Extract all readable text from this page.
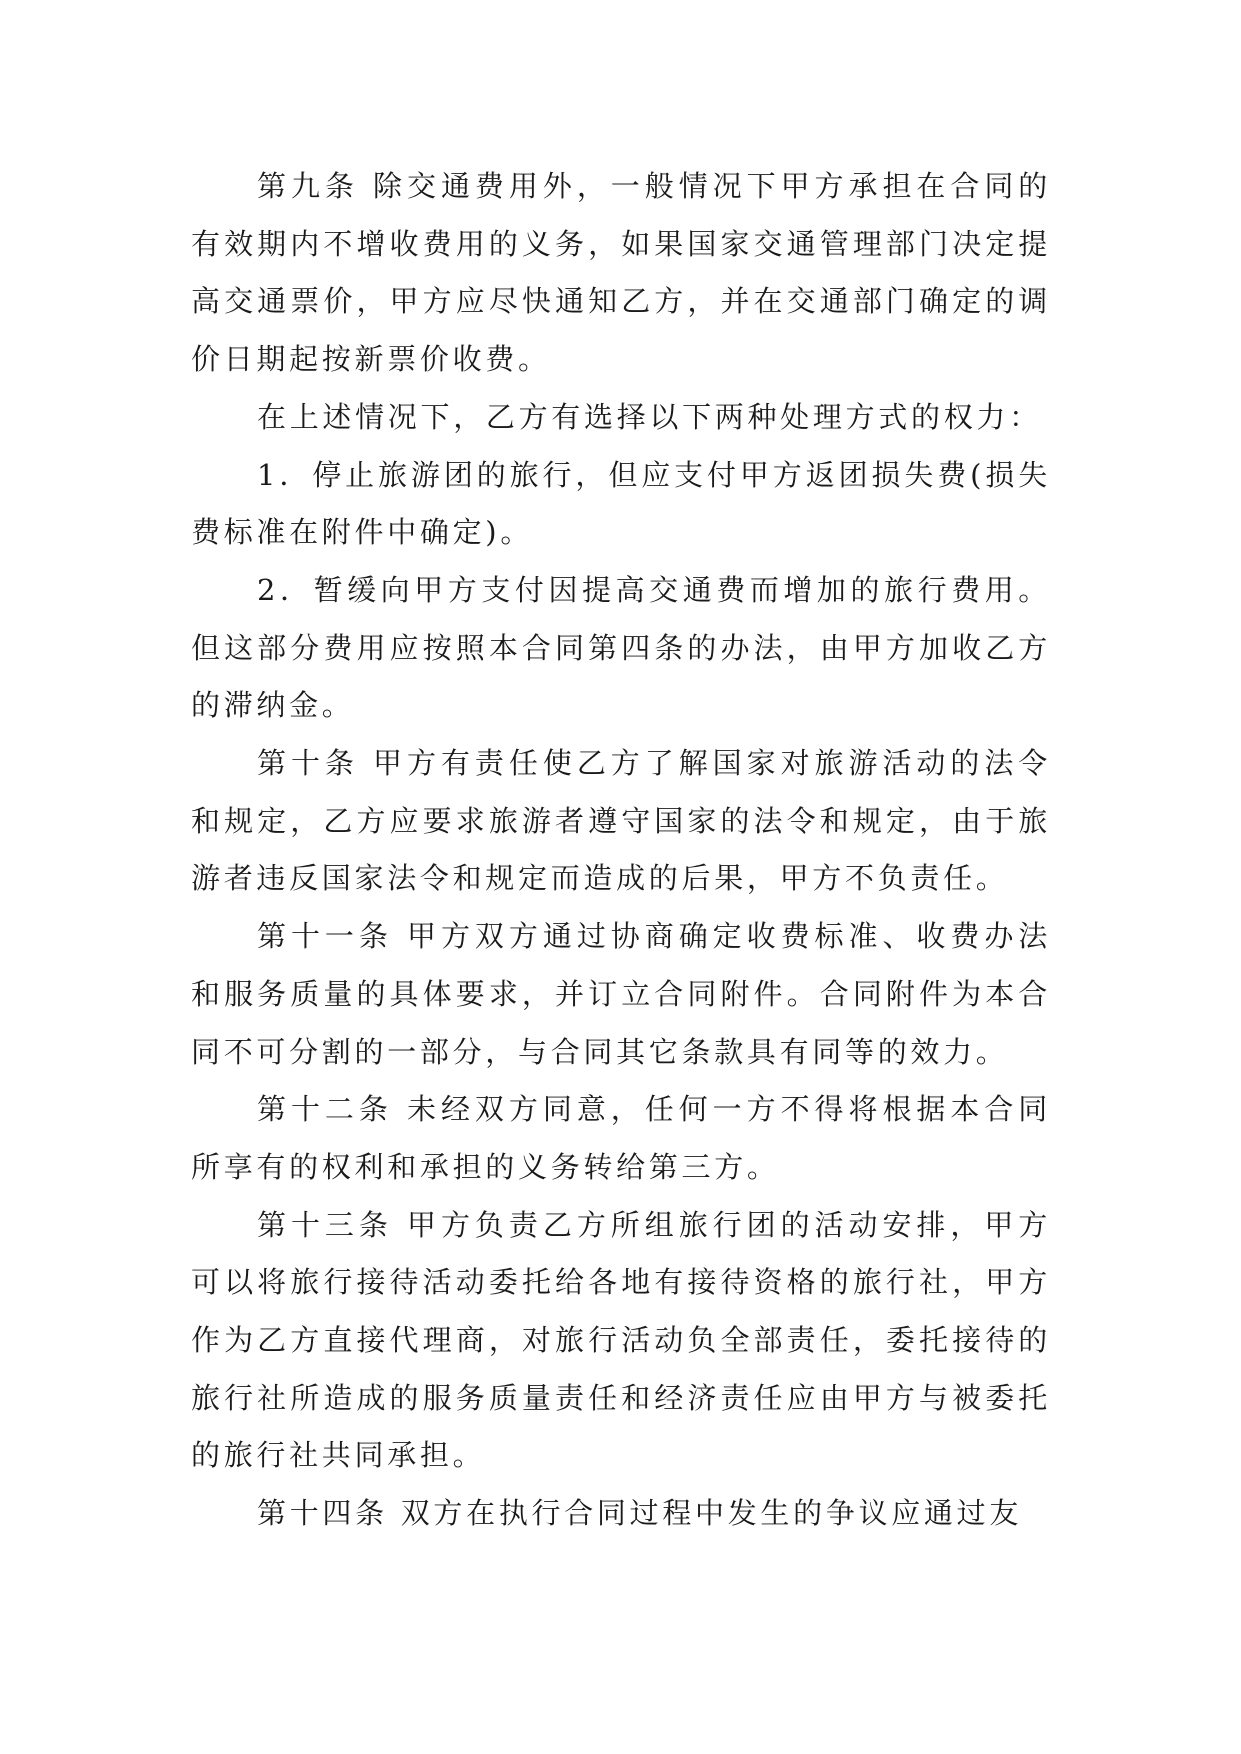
第九条 除交通费用外，一般情况下甲方承担在合同的有效期内不增收费用的义务，如果国家交通管理部门决定提高交通票价，甲方应尽快通知乙方，并在交通部门确定的调价日期起按新票价收费。

在上述情况下，乙方有选择以下两种处理方式的权力：

1．停止旅游团的旅行，但应支付甲方返团损失费(损失费标准在附件中确定)。

2．暂缓向甲方支付因提高交通费而增加的旅行费用。但这部分费用应按照本合同第四条的办法，由甲方加收乙方的滞纳金。

第十条 甲方有责任使乙方了解国家对旅游活动的法令和规定，乙方应要求旅游者遵守国家的法令和规定，由于旅游者违反国家法令和规定而造成的后果，甲方不负责任。

第十一条 甲方双方通过协商确定收费标准、收费办法和服务质量的具体要求，并订立合同附件。合同附件为本合同不可分割的一部分，与合同其它条款具有同等的效力。

第十二条 未经双方同意，任何一方不得将根据本合同所享有的权利和承担的义务转给第三方。

第十三条 甲方负责乙方所组旅行团的活动安排，甲方可以将旅行接待活动委托给各地有接待资格的旅行社，甲方作为乙方直接代理商，对旅行活动负全部责任，委托接待的旅行社所造成的服务质量责任和经济责任应由甲方与被委托的旅行社共同承担。

第十四条 双方在执行合同过程中发生的争议应通过友
